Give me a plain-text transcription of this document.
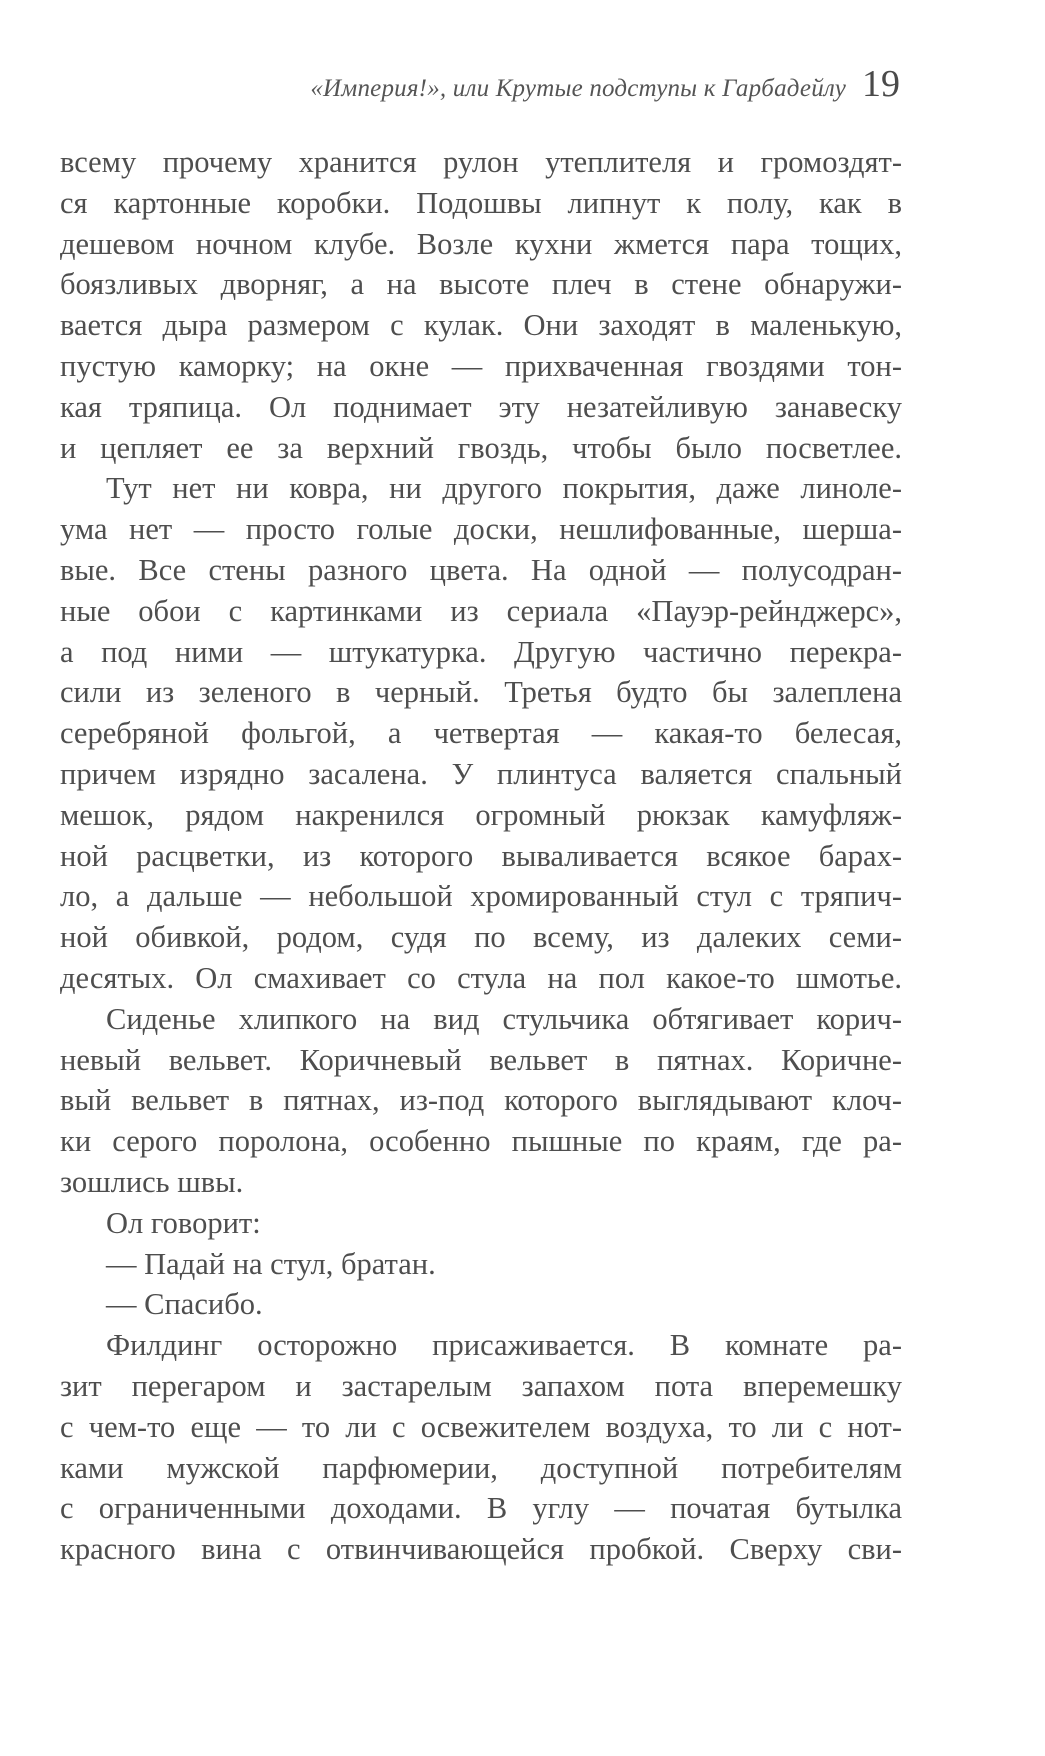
«Империя!», или Крутые подступы к Гарбадейлу 19
всему прочему хранится рулон утеплителя и громоздят-
ся картонные коробки. Подошвы липнут к полу, как в
дешевом ночном клубе. Возле кухни жмется пара тощих,
боязливых дворняг, а на высоте плеч в стене обнаружи-
вается дыра размером с кулак. Они заходят в маленькую,
пустую каморку; на окне — прихваченная гвоздями тон-
кая тряпица. Ол поднимает эту незатейливую занавеску
и цепляет ее за верхний гвоздь, чтобы было посветлее.
Тут нет ни ковра, ни другого покрытия, даже линоле-
ума нет — просто голые доски, нешлифованные, шерша-
вые. Все стены разного цвета. На одной — полусодран-
ные обои с картинками из сериала «Пауэр-рейнджерс»,
а под ними — штукатурка. Другую частично перекра-
сили из зеленого в черный. Третья будто бы залеплена
серебряной фольгой, а четвертая — какая-то белесая,
причем изрядно засалена. У плинтуса валяется спальный
мешок, рядом накренился огромный рюкзак камуфляж-
ной расцветки, из которого вываливается всякое барах-
ло, а дальше — небольшой хромированный стул с тряпич-
ной обивкой, родом, судя по всему, из далеких семи-
десятых. Ол смахивает со стула на пол какое-то шмотье.
Сиденье хлипкого на вид стульчика обтягивает корич-
невый вельвет. Коричневый вельвет в пятнах. Коричне-
вый вельвет в пятнах, из-под которого выглядывают клоч-
ки серого поролона, особенно пышные по краям, где ра-
зошлись швы.
Ол говорит:
— Падай на стул, братан.
— Спасибо.
Филдинг осторожно присаживается. В комнате ра-
зит перегаром и застарелым запахом пота вперемешку
с чем-то еще — то ли с освежителем воздуха, то ли с нот-
ками мужской парфюмерии, доступной потребителям
с ограниченными доходами. В углу — початая бутылка
красного вина с отвинчивающейся пробкой. Сверху сви-
